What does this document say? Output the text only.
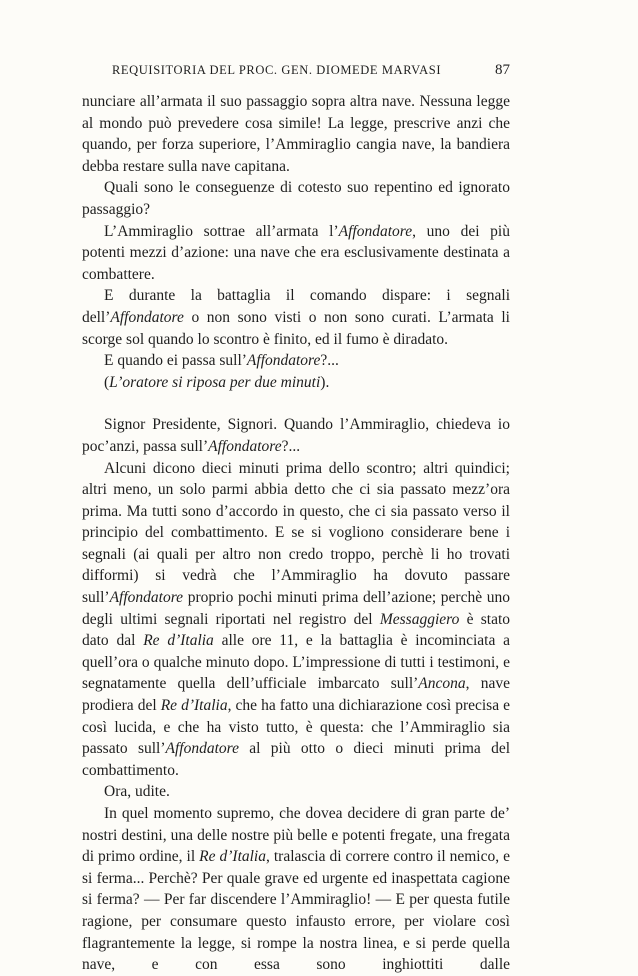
REQUISITORIA DEL PROC. GEN. DIOMEDE MARVASI	87

nunciare all’armata il suo passaggio sopra altra nave. Nessuna legge al mondo può prevedere cosa simile! La legge, prescrive anzi che quando, per forza superiore, l’Ammiraglio cangia nave, la bandiera debba restare sulla nave capitana.

Quali sono le conseguenze di cotesto suo repentino ed ignorato passaggio?

L’Ammiraglio sottrae all’armata l’Affondatore, uno dei più potenti mezzi d’azione: una nave che era esclusivamente destinata a combattere.

E durante la battaglia il comando dispare: i segnali dell’Affondatore o non sono visti o non sono curati. L’armata li scorge sol quando lo scontro è finito, ed il fumo è diradato.

E quando ei passa sull’Affondatore?...

(L’oratore si riposa per due minuti).

Signor Presidente, Signori. Quando l’Ammiraglio, chiedeva io poc’anzi, passa sull’Affondatore?...

Alcuni dicono dieci minuti prima dello scontro; altri quindici; altri meno, un solo parmi abbia detto che ci sia passato mezz’ora prima. Ma tutti sono d’accordo in questo, che ci sia passato verso il principio del combattimento. E se si vogliono considerare bene i segnali (ai quali per altro non credo troppo, perchè li ho trovati difformi) si vedrà che l’Ammiraglio ha dovuto passare sull’Affondatore proprio pochi minuti prima dell’azione; perchè uno degli ultimi segnali riportati nel registro del Messaggiero è stato dato dal Re d’Italia alle ore 11, e la battaglia è incominciata a quell’ora o qualche minuto dopo. L’impressione di tutti i testimoni, e segnatamente quella dell’ufficiale imbarcato sull’Ancona, nave prodiera del Re d’Italia, che ha fatto una dichiarazione così precisa e così lucida, e che ha visto tutto, è questa: che l’Ammiraglio sia passato sull’Affondatore al più otto o dieci minuti prima del combattimento.

Ora, udite.

In quel momento supremo, che dovea decidere di gran parte de’ nostri destini, una delle nostre più belle e potenti fregate, una fregata di primo ordine, il Re d’Italia, tralascia di correre contro il nemico, e si ferma... Perchè? Per quale grave ed urgente ed inaspettata cagione si ferma? — Per far discendere l’Ammiraglio! — E per questa futile ragione, per consumare questo infausto errore, per violare così flagrantemente la legge, si rompe la nostra linea, e si perde quella nave, e con essa sono inghiottiti dalle
